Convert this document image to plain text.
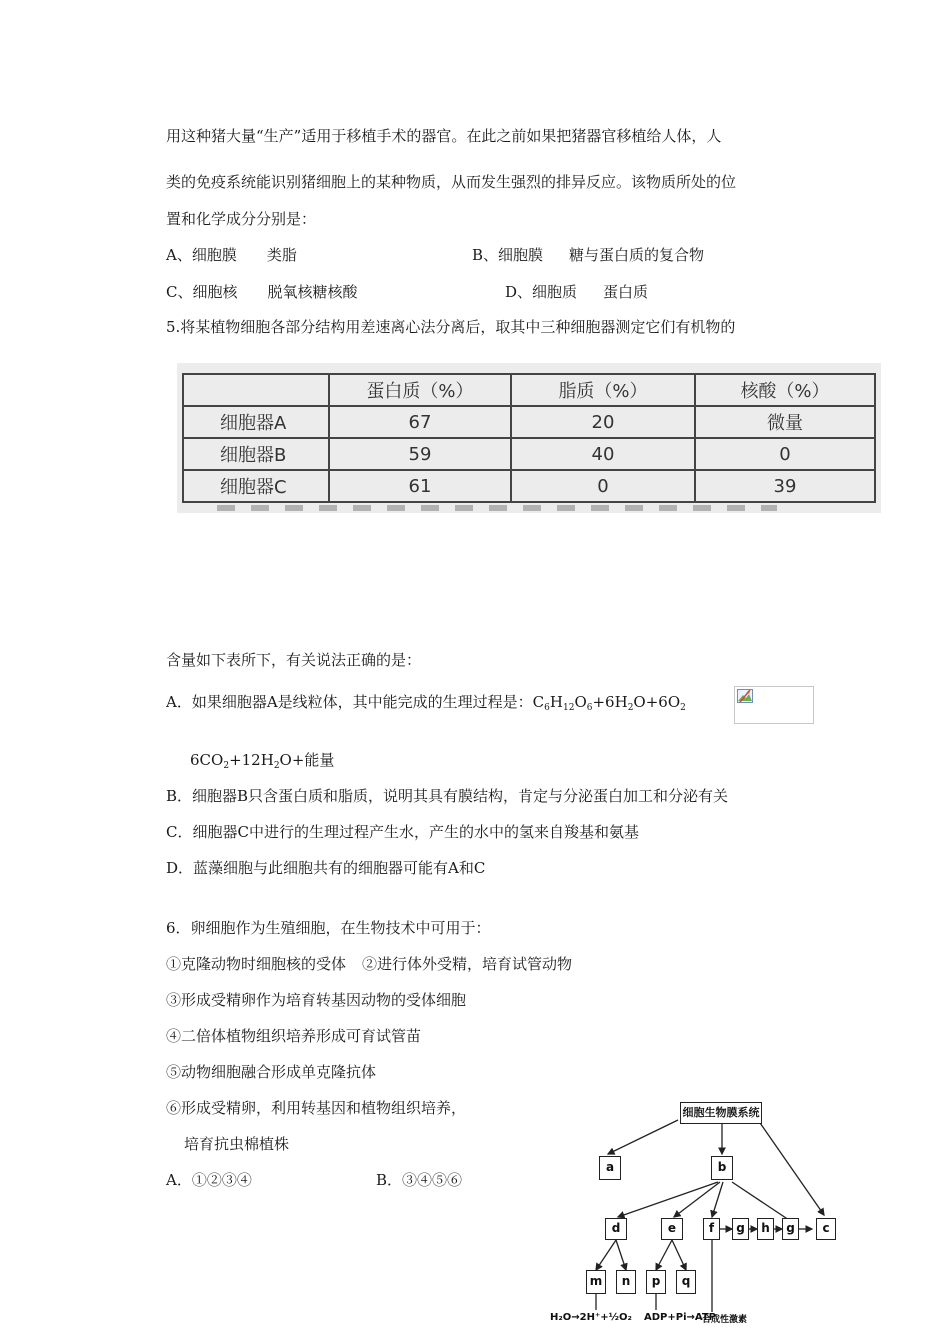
用这种猪大量“生产”适用于移植手术的器官。在此之前如果把猪器官移植给人体，人
类的免疫系统能识别猪细胞上的某种物质，从而发生强烈的排异反应。该物质所处的位
置和化学成分分别是：
A、细胞膜 类脂	B、细胞膜 糖与蛋白质的复合物
C、细胞核 脱氧核糖核酸	D、细胞质 蛋白质
5.将某植物细胞各部分结构用差速离心法分离后，取其中三种细胞器测定它们有机物的
	蛋白质（%）	脂质（%）	核酸（%）
细胞器A	67	20	微量
细胞器B	59	40	0
细胞器C	61	0	39
含量如下表所下，有关说法正确的是：
A．如果细胞器A是线粒体，其中能完成的生理过程是：$C_6H_{12}O_6+6H_2O+6O_2$
$6CO_2+12H_2O+$能量
B．细胞器B只含蛋白质和脂质，说明其具有膜结构，肯定与分泌蛋白加工和分泌有关
C．细胞器C中进行的生理过程产生水，产生的水中的氢来自羧基和氨基
D．蓝藻细胞与此细胞共有的细胞器可能有A和C
6．卵细胞作为生殖细胞，在生物技术中可用于：
①克隆动物时细胞核的受体 ②进行体外受精，培育试管动物
③形成受精卵作为培育转基因动物的受体细胞
④二倍体植物组织培养形成可育试管苗
⑤动物细胞融合形成单克隆抗体
⑥形成受精卵，利用转基因和植物组织培养，
培育抗虫棉植株
A．①②③④	B．③④⑤⑥
细胞生物膜系统
a	b
d	e	f	g	h	g	c
m	n	p	q
H₂O→2H⁺+½O₂ ADP+Pi→ATP
合成性激素
